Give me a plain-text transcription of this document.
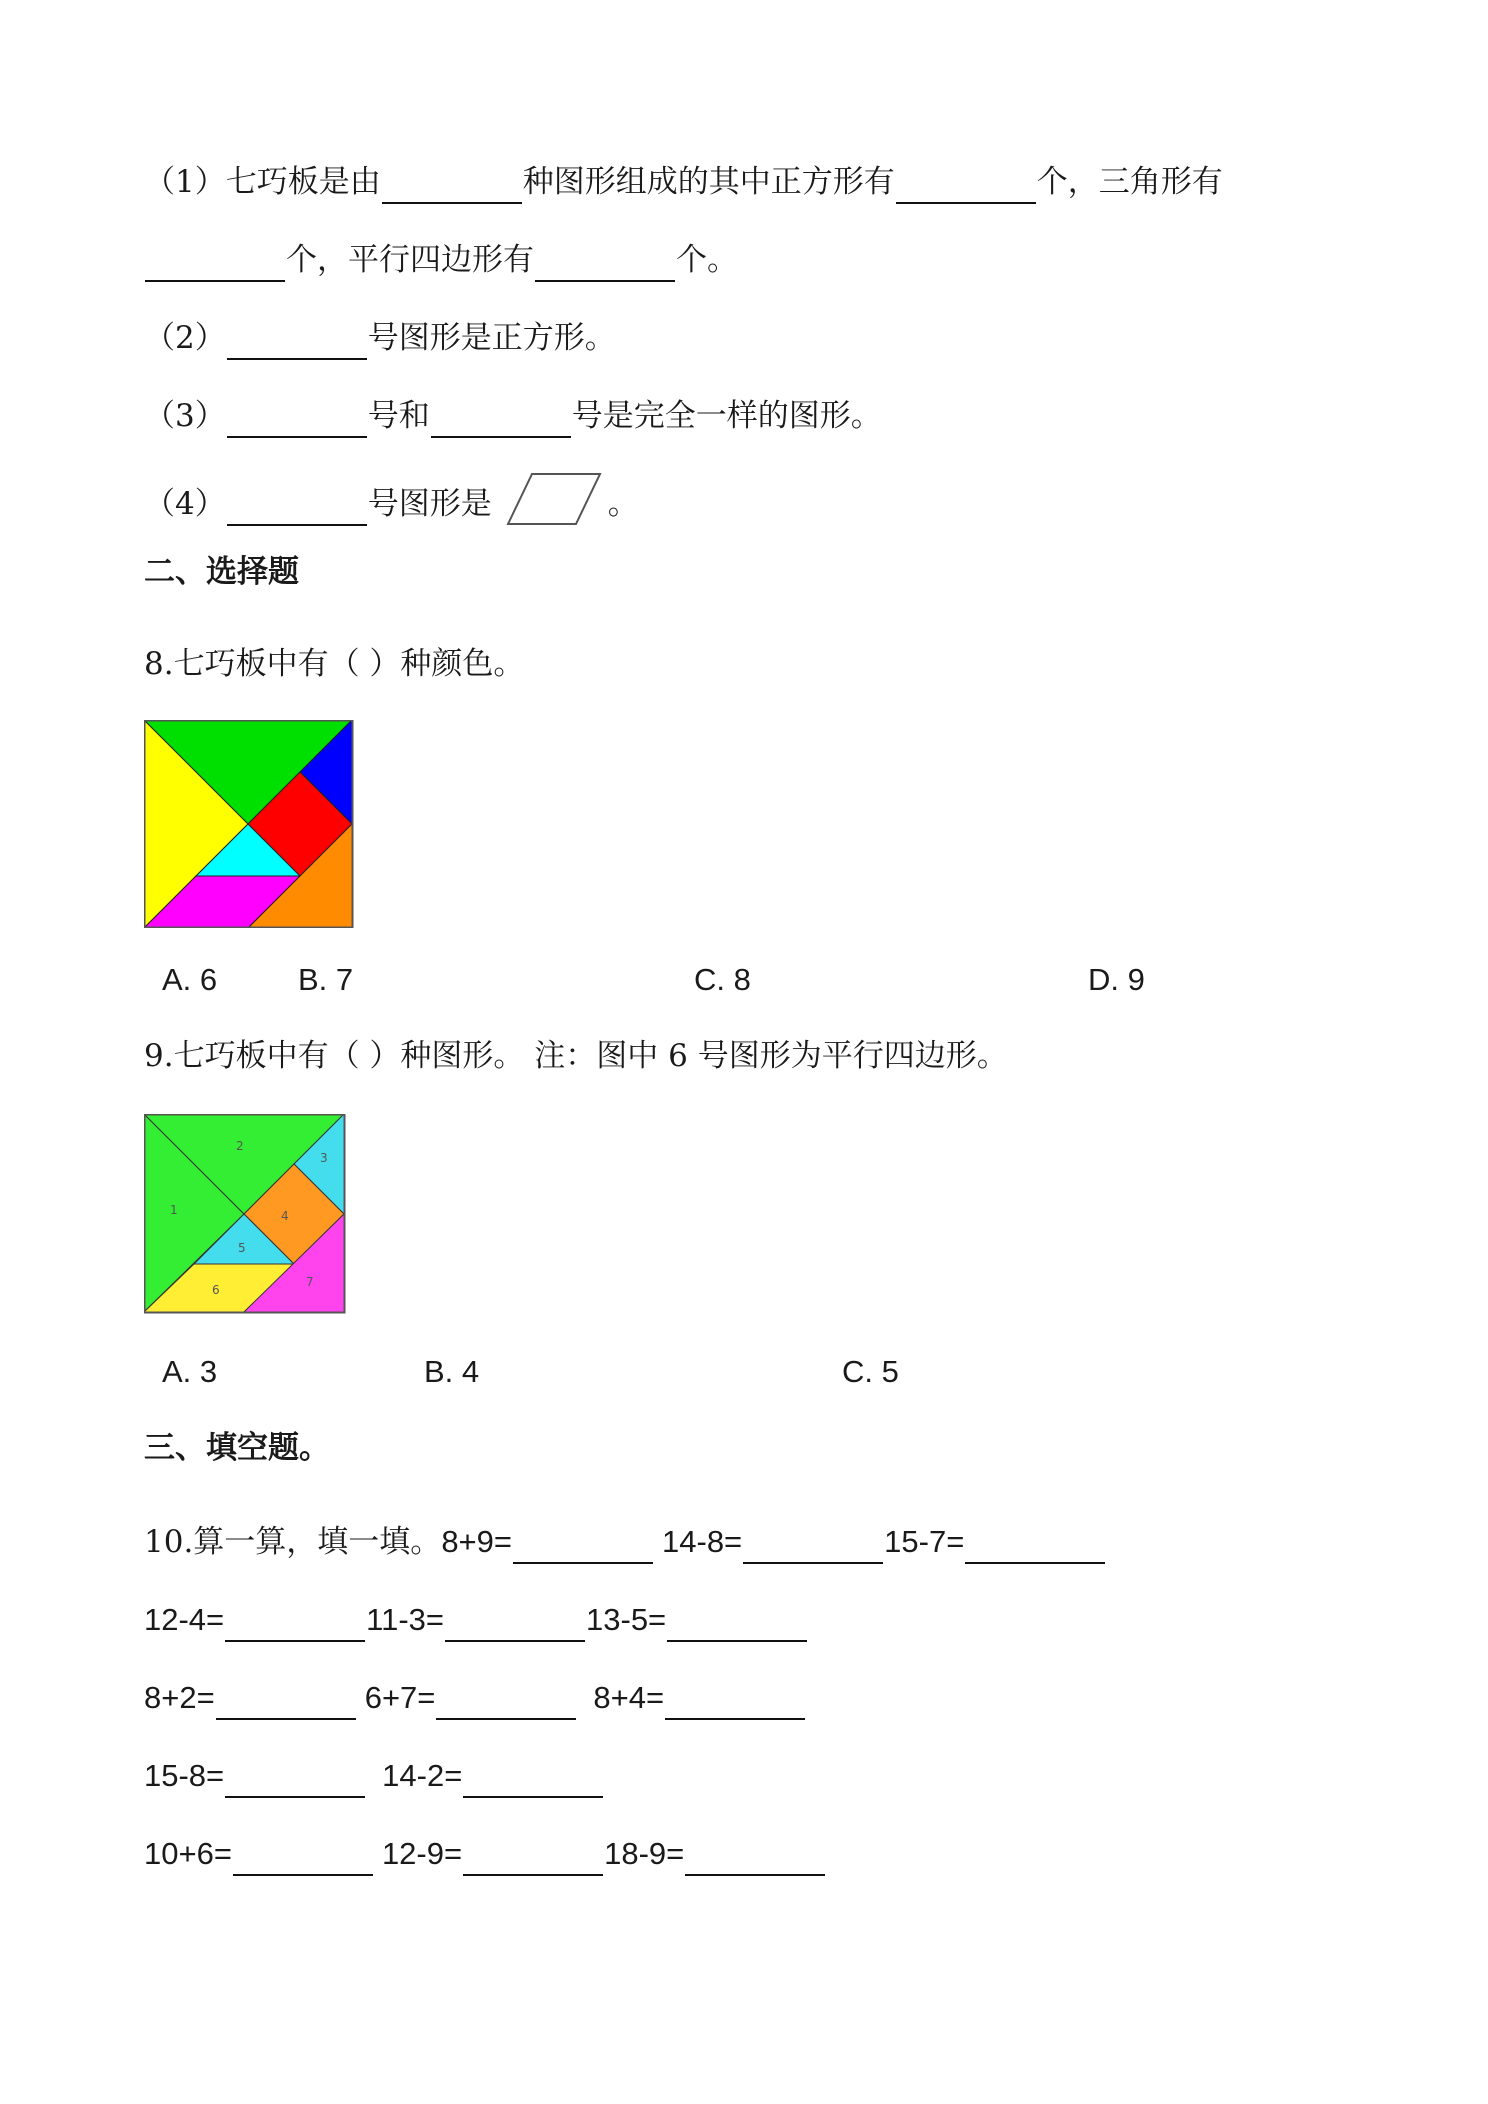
（1）七巧板是由	种图形组成的其中正方形有	个，三角形有
个，平行四边形有	个。
（2）	号图形是正方形。
（3）	号和	号是完全一样的图形。
（4）	号图形是	。
二、选择题
8.七巧板中有（ ）种颜色。
A. 6	B. 7	C. 8	D. 9
9.七巧板中有（ ）种图形。 注：图中 6 号图形为平行四边形。
1
2
3
4
5
6
7
A. 3	B. 4	C. 5
三、填空题。
10.算一算，填一填。8+9=	14-8=	15-7=
12-4=	11-3=	13-5=
8+2=	6+7=	8+4=
15-8=	14-2=
10+6=	12-9=	18-9=
